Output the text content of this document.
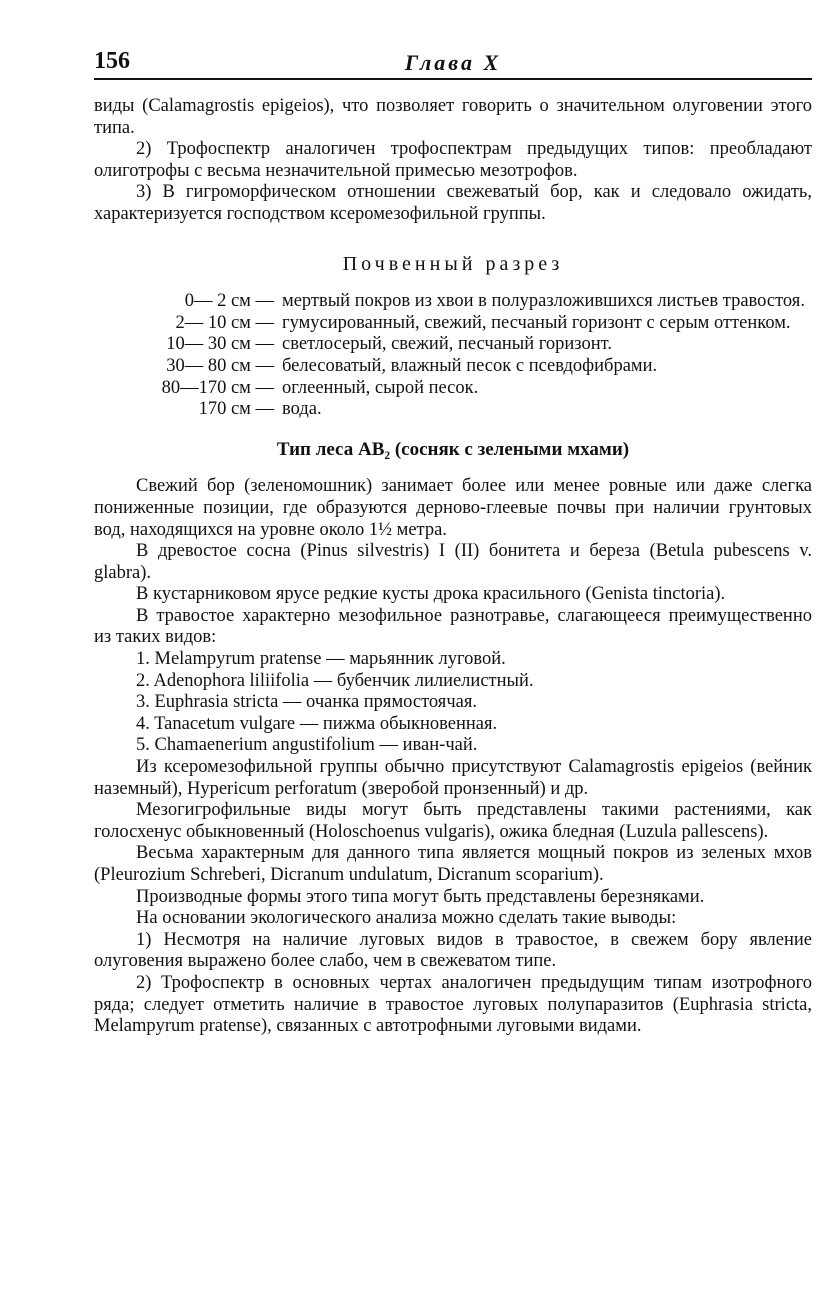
156	Глава X

виды (Calamagrostis epigeios), что позволяет говорить о значительном олуговении этого типа.

2) Трофоспектр аналогичен трофоспектрам предыдущих типов: преобладают олиготрофы с весьма незначительной примесью мезотрофов.

3) В гигроморфическом отношении свежеватый бор, как и следовало ожидать, характеризуется господством ксеромезофильной группы.

Почвенный разрез
0— 2 см — мертвый покров из хвои в полуразложившихся листьев травостоя.
2— 10 см — гумусированный, свежий, песчаный горизонт с серым оттенком.
10— 30 см — светлосерый, свежий, песчаный горизонт.
30— 80 см — белесоватый, влажный песок с псевдофибрами.
80—170 см — оглеенный, сырой песок.
170 см — вода.
Тип леса АВ₂ (сосняк с зелеными мхами)

Свежий бор (зеленомошник) занимает более или менее ровные или даже слегка пониженные позиции, где образуются дерново-глеевые почвы при наличии грунтовых вод, находящихся на уровне около 1½ метра.

В древостое сосна (Pinus silvestris) I (II) бонитета и береза (Betula pubescens v. glabra).

В кустарниковом ярусе редкие кусты дрока красильного (Genista tinctoria).

В травостое характерно мезофильное разнотравье, слагающееся преимущественно из таких видов:

1. Melampyrum pratense — марьянник луговой.
2. Adenophora liliifolia — бубенчик лилиелистный.
3. Euphrasia stricta — очанка прямостоячая.
4. Tanacetum vulgare — пижма обыкновенная.
5. Chamaenerium angustifolium — иван-чай.

Из ксеромезофильной группы обычно присутствуют Calamagrostis epigeios (вейник наземный), Hypericum perforatum (зверобой пронзенный) и др.

Мезогигрофильные виды могут быть представлены такими растениями, как голосхенус обыкновенный (Holoschoenus vulgaris), ожика бледная (Luzula pallescens).

Весьма характерным для данного типа является мощный покров из зеленых мхов (Pleurozium Schreberi, Dicranum undulatum, Dicranum scoparium).

Производные формы этого типа могут быть представлены березняками.

На основании экологического анализа можно сделать такие выводы:

1) Несмотря на наличие луговых видов в травостое, в свежем бору явление олуговения выражено более слабо, чем в свежеватом типе.

2) Трофоспектр в основных чертах аналогичен предыдущим типам изотрофного ряда; следует отметить наличие в травостое луговых полупаразитов (Euphrasia stricta, Melampyrum pratense), связанных с автотрофными луговыми видами.
